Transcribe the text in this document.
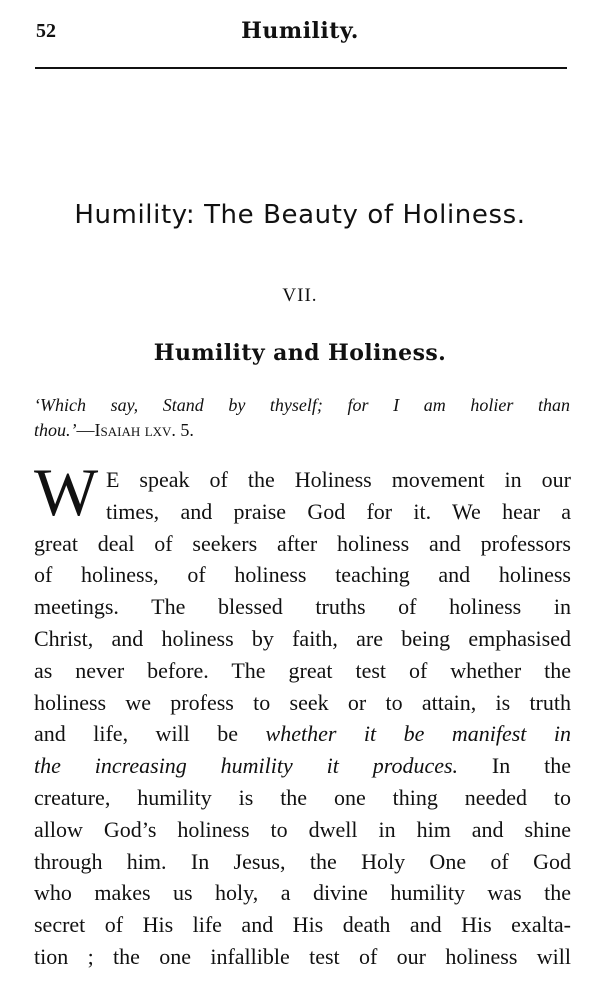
52	Humility.
Humility: The Beauty of Holiness.
VII.
Humility and Holiness.
‘Which say, Stand by thyself; for I am holier than
thou.’—Isaiah lxv. 5.
W E speak of the Holiness movement in our
times, and praise God for it. We hear a
great deal of seekers after holiness and professors
of holiness, of holiness teaching and holiness
meetings. The blessed truths of holiness in
Christ, and holiness by faith, are being emphasised
as never before. The great test of whether the
holiness we profess to seek or to attain, is truth
and life, will be whether it be manifest in
the increasing humility it produces. In the
creature, humility is the one thing needed to
allow God’s holiness to dwell in him and shine
through him. In Jesus, the Holy One of God
who makes us holy, a divine humility was the
secret of His life and His death and His exalta-
tion ; the one infallible test of our holiness will
